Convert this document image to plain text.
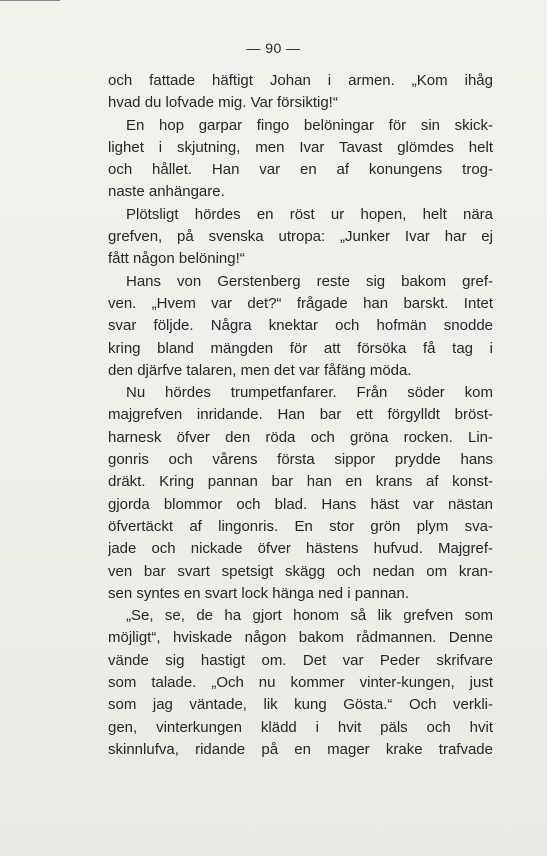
— 90 —

och fattade häftigt Johan i armen. „Kom ihåg
hvad du lofvade mig. Var försiktig!“
En hop garpar fingo belöningar för sin skick-
lighet i skjutning, men Ivar Tavast glömdes helt
och hållet. Han var en af konungens trog-
naste anhängare.
Plötsligt hördes en röst ur hopen, helt nära
grefven, på svenska utropa: „Junker Ivar har ej
fått någon belöning!“
Hans von Gerstenberg reste sig bakom gref-
ven. „Hvem var det?“ frågade han barskt. Intet
svar följde. Några knektar och hofmän snodde
kring bland mängden för att försöka få tag i
den djärfve talaren, men det var fåfäng möda.
Nu hördes trumpetfanfarer. Från söder kom
majgrefven inridande. Han bar ett förgylldt bröst-
harnesk öfver den röda och gröna rocken. Lin-
gonris och vårens första sippor prydde hans
dräkt. Kring pannan bar han en krans af konst-
gjorda blommor och blad. Hans häst var nästan
öfvertäckt af lingonris. En stor grön plym sva-
jade och nickade öfver hästens hufvud. Majgref-
ven bar svart spetsigt skägg och nedan om kran-
sen syntes en svart lock hänga ned i pannan.
„Se, se, de ha gjort honom så lik grefven som
möjligt“, hviskade någon bakom rådmannen. Denne
vände sig hastigt om. Det var Peder skrifvare
som talade. „Och nu kommer vinter-kungen, just
som jag väntade, lik kung Gösta.“ Och verkli-
gen, vinterkungen klädd i hvit päls och hvit
skinnlufva, ridande på en mager krake trafvade
